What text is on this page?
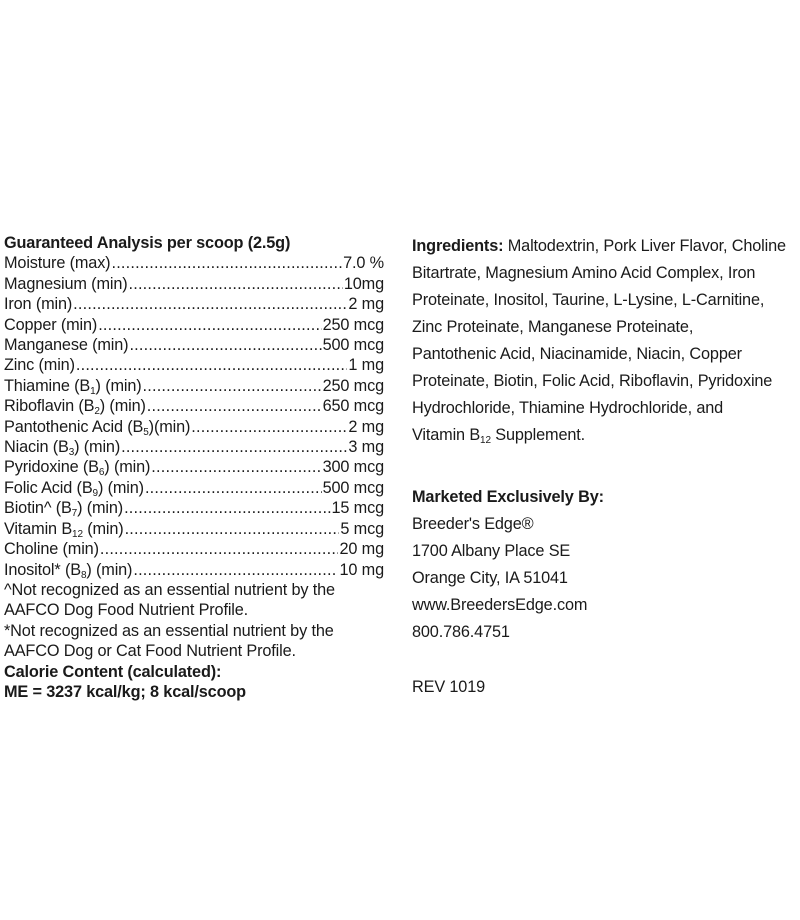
Guaranteed Analysis per scoop (2.5g)
Moisture (max) .....	7.0 %
Magnesium (min) .....	10mg
Iron (min) .....	2 mg
Copper (min) .....	250 mcg
Manganese (min) .....	500 mcg
Zinc (min) .....	1 mg
Thiamine $(B_1)$ (min) .....	250 mcg
Riboflavin $(B_2)$ (min) .....	650 mcg
Pantothenic Acid $(B_5)(\min)$ .....	2 mg
Niacin $(B_3)$ (min) .....	3 mg
Pyridoxine $(B_6)$ (min) .....	300 mcg
Folic Acid $(B_9)$ (min) .....	500 mcg
Biotin^ $(B_7)$ (min) .....	15 mcg
Vitamin $B_{12}$ (min) .....	5 mcg
Choline (min) .....	20 mg
Inositol* $(B_8)$ (min) .....	10 mg
^Not recognized as an essential nutrient by the
AAFCO Dog Food Nutrient Profile.
*Not recognized as an essential nutrient by the
AAFCO Dog or Cat Food Nutrient Profile.
Calorie Content (calculated):
ME = 3237 kcal/kg; 8 kcal/scoop
Ingredients: Maltodextrin, Pork Liver Flavor, Choline
Bitartrate, Magnesium Amino Acid Complex, Iron
Proteinate, Inositol, Taurine, L-Lysine, L-Carnitine,
Zinc Proteinate, Manganese Proteinate,
Pantothenic Acid, Niacinamide, Niacin, Copper
Proteinate, Biotin, Folic Acid, Riboflavin, Pyridoxine
Hydrochloride, Thiamine Hydrochloride, and
Vitamin $B_{12}$ Supplement.
Marketed Exclusively By:
Breeder's Edge®
1700 Albany Place SE
Orange City, IA 51041
www.BreedersEdge.com
800.786.4751
REV 1019
